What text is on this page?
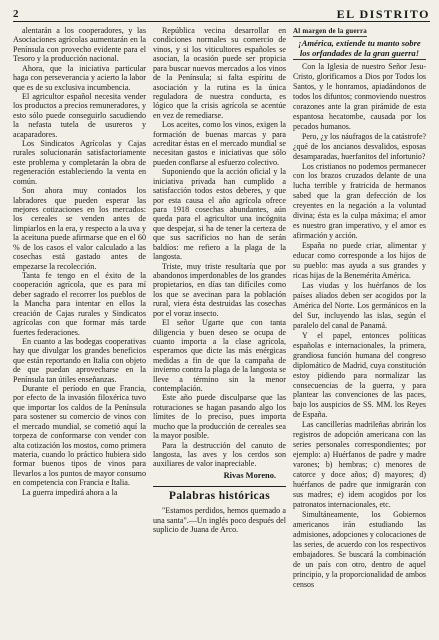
2	EL DISTRITO

alentarán a los cooperadores, y las Asociaciones agrícolas aumentarán en la Península con provecho evidente para el Tesoro y la producción nacional.

Ahora, que la iniciativa particular haga con perseverancia y acierto la labor que es de su exclusiva incumbencia.

El agricultor español necesita vender los productos a precios remuneradores, y esto sólo puede conseguirlo sacudiendo la nefasta tutela de usureros y acaparadores.

Los Sindicatos Agrícolas y Cajas rurales solucionarán satisfactoriamente este problema y completarán la obra de regeneración estableciendo la venta en común.

Son ahora muy contados los labradores que pueden esperar las mejores cotizaciones en los mercados: los cereales se venden antes de limpiarlos en la era, y respecto a la uva y la aceituna puede afirmarse que en el 60 % de los casos el valor calculado a las cosechas está gastado antes de empezarse la recolección.

Tanta fe tengo en el éxito de la cooperación agrícola, que es para mí deber sagrado el recorrer los pueblos de la Mancha para intentar en ellos la creación de Cajas rurales y Sindicatos agrícolas con que formar más tarde fuertes federaciones.

En cuanto a las bodegas cooperativas hay que divulgar los grandes beneficios que están reportando en Italia con objeto de que puedan aprovecharse en la Península tan útiles enseñanzas.

Durante el período en que Francia, por efecto de la invasión filoxérica tuvo que importar los caldos de la Península para sostener su comercio de vinos con el mercado mundial, se cometió aquí la torpeza de conformarse con vender con alta cotización los mostos, como primera materia, cuando lo práctico hubiera sido formar buenos tipos de vinos para llevarlos a los puntos de mayor consumo en competencia con Francia e Italia.

La guerra impedirá ahora a la

República vecina desarrollar en condiciones normales su comercio de vinos, y si los viticultores españoles se asocian, la ocasión puede ser propicia para buscar nuevos mercados a los vinos de la Península; si falta espíritu de asociación y la rutina es la única reguladora de nuestra conducta, es lógico que la crisis agrícola se acentúe en vez de remediarse.

Los aceites, como los vinos, exigen la formación de buenas marcas y para acreditar éstas en el mercado mundial se necesitan gastos e iniciativas que sólo pueden conflarse al esfuerzo colectivo.

Suponiendo que la acción oficial y la iniciativa privada han cumplido a satisfacción todos estos deberes, y que por esta causa el año agrícola ofrece para 1918 cosechas abundantes, aún queda para el agricultor una incógnita que despejar, si ha de tener la certeza de que sus sacrificios no han de serán baldíos: me refiero a la plaga de la langosta.

Triste, muy triste resultaría que por abandonos imperdonables de los grandes propietarios, en días tan difíciles como los que se avecinan para la población rural, viera ésta destruidas las cosechas por el voraz insecto.

El señor Ugarte que con tanta diligencia y buen deseo se ocupa de cuanto importa a la clase agrícola, esperamos que dicte las más enérgicas medidas a fin de que la campaña de invierno contra la plaga de la langosta se lleve a término sin la menor contemplación.

Este año puede disculparse que las roturaciones se hagan pasando algo los límites de lo preciso, pues importa mucho que la producción de cereales sea la mayor posible.

Para la destrucción del canuto de langosta, las aves y los cerdos son auxiliares de valor inapreciable.

Rivas Moreno.

Palabras históricas

"Estamos perdidos, hemos quemado a una santa".—Un inglés poco después del suplicio de Juana de Arco.

Al margen de la guerra
¡América, extiende tu manto sobre los orfandades de la gran guerra!

Con la Iglesia de nuestro Señor Jesu-Cristo, glorificamos a Dios por Todos los Santos, y le honramos, apiadándonos de todos los difuntos; conmoviendo nuestros corazones ante la gran pirámide de esta espantosa hecatombe, causada por los pecados humanos.

Pero, ¿y los náufragos de la catástrofe? ¿qué de los ancianos desvalidos, esposas desamparadas, huerfanitos del infortunio?

Los cristianos no podemos permanecer con los brazos cruzados delante de una lucha terrible y fratricida de hermanos sabed que la gran defección de los creyentes en la negación a la voluntad divina; ésta es la culpa máxima; el amor es nuestro gran imperativo, y el amor es afirmación y acción.

España no puede criar, alimentar y educar como corresponde a los hijos de su pueblo: mas ayuda a sus grandes y ricas hijas de la Benemérita América.

Las viudas y los huérfanos de los países aliados deben ser acogidos por la América del Norte. Los germánicos en la del Sur, incluyendo las islas, según el paralelo del canal de Panamá.

Y el papel, entonces políticas españolas e internacionales, la primera, grandiosa función humana del congreso diplomático de Madrid, cuya constitución estoy pidiendo para normalizar las consecuencias de la guerra, y para plantear las convenciones de las paces, bajo los auspicios de SS. MM. los Reyes de España.

Las cancillerías madrileñas abrirán los registros de adopción americana con las series personales correspondientes; por ejemplo: a) Huérfanos de padre y madre varones; b) hembras; c) menores de catorce y doce años; d) mayores; d) huérfanos de padre que inmigrarán con sus madres; e) idem acogidos por los patronatos internacionales, etc.

Simultáneamente, los Gobiernos americanos irán estudiando las admisiones, adopciones y colocaciones de las series, de acuerdo con los respectivos embajadores. Se buscará la combinación de un país con otro, dentro de aquel principio, y la proporcionalidad de ambos censos
